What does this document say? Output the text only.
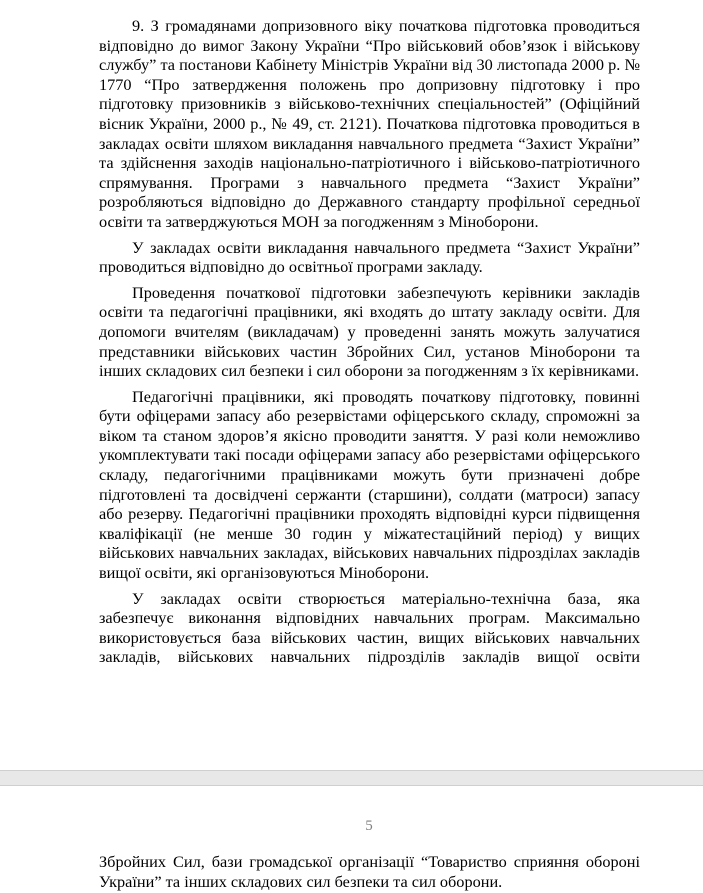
9. З громадянами допризовного віку початкова підготовка проводиться відповідно до вимог Закону України “Про військовий обов’язок і військову службу” та постанови Кабінету Міністрів України від 30 листопада 2000 р. № 1770 “Про затвердження положень про допризовну підготовку і про підготовку призовників з військово-технічних спеціальностей” (Офіційний вісник України, 2000 р., № 49, ст. 2121). Початкова підготовка проводиться в закладах освіти шляхом викладання навчального предмета “Захист України” та здійснення заходів національно-патріотичного і військово-патріотичного спрямування. Програми з навчального предмета “Захист України” розробляються відповідно до Державного стандарту профільної середньої освіти та затверджуються МОН за погодженням з Міноборони.

У закладах освіти викладання навчального предмета “Захист України” проводиться відповідно до освітньої програми закладу.

Проведення початкової підготовки забезпечують керівники закладів освіти та педагогічні працівники, які входять до штату закладу освіти. Для допомоги вчителям (викладачам) у проведенні занять можуть залучатися представники військових частин Збройних Сил, установ Міноборони та інших складових сил безпеки і сил оборони за погодженням з їх керівниками.

Педагогічні працівники, які проводять початкову підготовку, повинні бути офіцерами запасу або резервістами офіцерського складу, спроможні за віком та станом здоров’я якісно проводити заняття. У разі коли неможливо укомплектувати такі посади офіцерами запасу або резервістами офіцерського складу, педагогічними працівниками можуть бути призначені добре підготовлені та досвідчені сержанти (старшини), солдати (матроси) запасу або резерву. Педагогічні працівники проходять відповідні курси підвищення кваліфікації (не менше 30 годин у міжатестаційний період) у вищих військових навчальних закладах, військових навчальних підрозділах закладів вищої освіти, які організовуються Міноборони.

У закладах освіти створюється матеріально-технічна база, яка забезпечує виконання відповідних навчальних програм. Максимально використовується база військових частин, вищих військових навчальних закладів, військових навчальних підрозділів закладів вищої освіти

5

Збройних Сил, бази громадської організації “Товариство сприяння обороні України” та інших складових сил безпеки та сил оборони.
